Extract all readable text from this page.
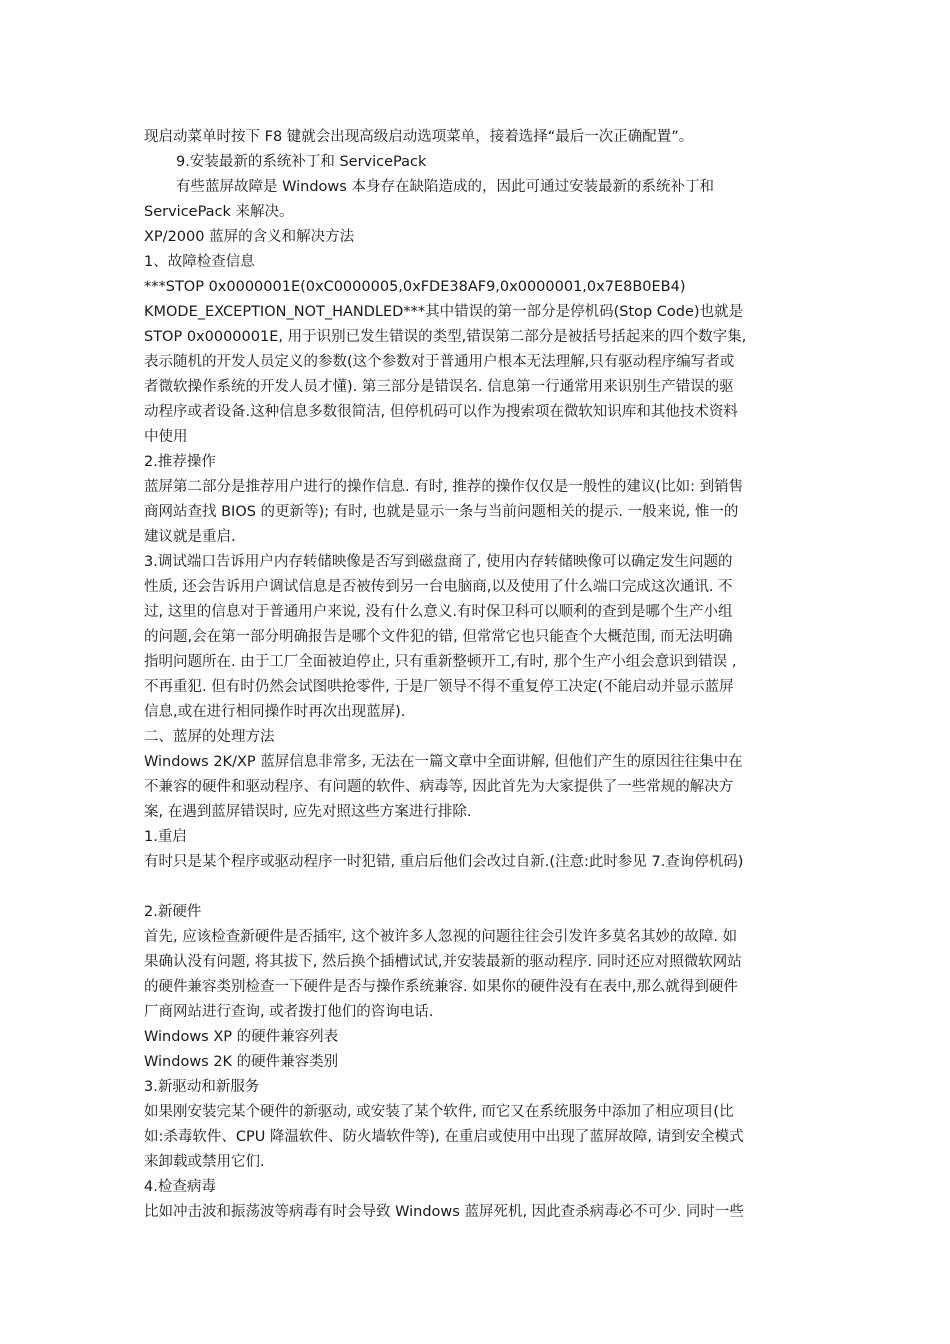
现启动菜单时按下 F8 键就会出现高级启动选项菜单，接着选择“最后一次正确配置”。
9.安装最新的系统补丁和 ServicePack
有些蓝屏故障是 Windows 本身存在缺陷造成的，因此可通过安装最新的系统补丁和
ServicePack 来解决。
XP/2000 蓝屏的含义和解决方法
1、故障检查信息
***STOP 0x0000001E(0xC0000005,0xFDE38AF9,0x0000001,0x7E8B0EB4)
KMODE_EXCEPTION_NOT_HANDLED***其中错误的第一部分是停机码(Stop Code)也就是
STOP 0x0000001E, 用于识别已发生错误的类型,错误第二部分是被括号括起来的四个数字集,
表示随机的开发人员定义的参数(这个参数对于普通用户根本无法理解,只有驱动程序编写者或
者微软操作系统的开发人员才懂). 第三部分是错误名. 信息第一行通常用来识别生产错误的驱
动程序或者设备.这种信息多数很简洁, 但停机码可以作为搜索项在微软知识库和其他技术资料
中使用
2.推荐操作
蓝屏第二部分是推荐用户进行的操作信息. 有时, 推荐的操作仅仅是一般性的建议(比如: 到销售
商网站查找 BIOS 的更新等); 有时, 也就是显示一条与当前问题相关的提示. 一般来说, 惟一的
建议就是重启.
3.调试端口告诉用户内存转储映像是否写到磁盘商了, 使用内存转储映像可以确定发生问题的
性质, 还会告诉用户调试信息是否被传到另一台电脑商,以及使用了什么端口完成这次通讯. 不
过, 这里的信息对于普通用户来说, 没有什么意义.有时保卫科可以顺利的查到是哪个生产小组
的问题,会在第一部分明确报告是哪个文件犯的错, 但常常它也只能查个大概范围, 而无法明确
指明问题所在. 由于工厂全面被迫停止, 只有重新整顿开工,有时, 那个生产小组会意识到错误 ,
不再重犯. 但有时仍然会试图哄抢零件, 于是厂领导不得不重复停工决定(不能启动并显示蓝屏
信息,或在进行相同操作时再次出现蓝屏).
二、蓝屏的处理方法
Windows 2K/XP 蓝屏信息非常多, 无法在一篇文章中全面讲解, 但他们产生的原因往往集中在
不兼容的硬件和驱动程序、有问题的软件、病毒等, 因此首先为大家提供了一些常规的解决方
案, 在遇到蓝屏错误时, 应先对照这些方案进行排除.
1.重启
有时只是某个程序或驱动程序一时犯错, 重启后他们会改过自新.(注意:此时参见 7.查询停机码)
2.新硬件
首先, 应该检查新硬件是否插牢, 这个被许多人忽视的问题往往会引发许多莫名其妙的故障. 如
果确认没有问题, 将其拔下, 然后换个插槽试试,并安装最新的驱动程序. 同时还应对照微软网站
的硬件兼容类别检查一下硬件是否与操作系统兼容. 如果你的硬件没有在表中,那么就得到硬件
厂商网站进行查询, 或者拨打他们的咨询电话.
Windows XP 的硬件兼容列表
Windows 2K 的硬件兼容类别
3.新驱动和新服务
如果刚安装完某个硬件的新驱动, 或安装了某个软件, 而它又在系统服务中添加了相应项目(比
如:杀毒软件、CPU 降温软件、防火墙软件等), 在重启或使用中出现了蓝屏故障, 请到安全模式
来卸载或禁用它们.
4.检查病毒
比如冲击波和振荡波等病毒有时会导致 Windows 蓝屏死机, 因此查杀病毒必不可少. 同时一些
